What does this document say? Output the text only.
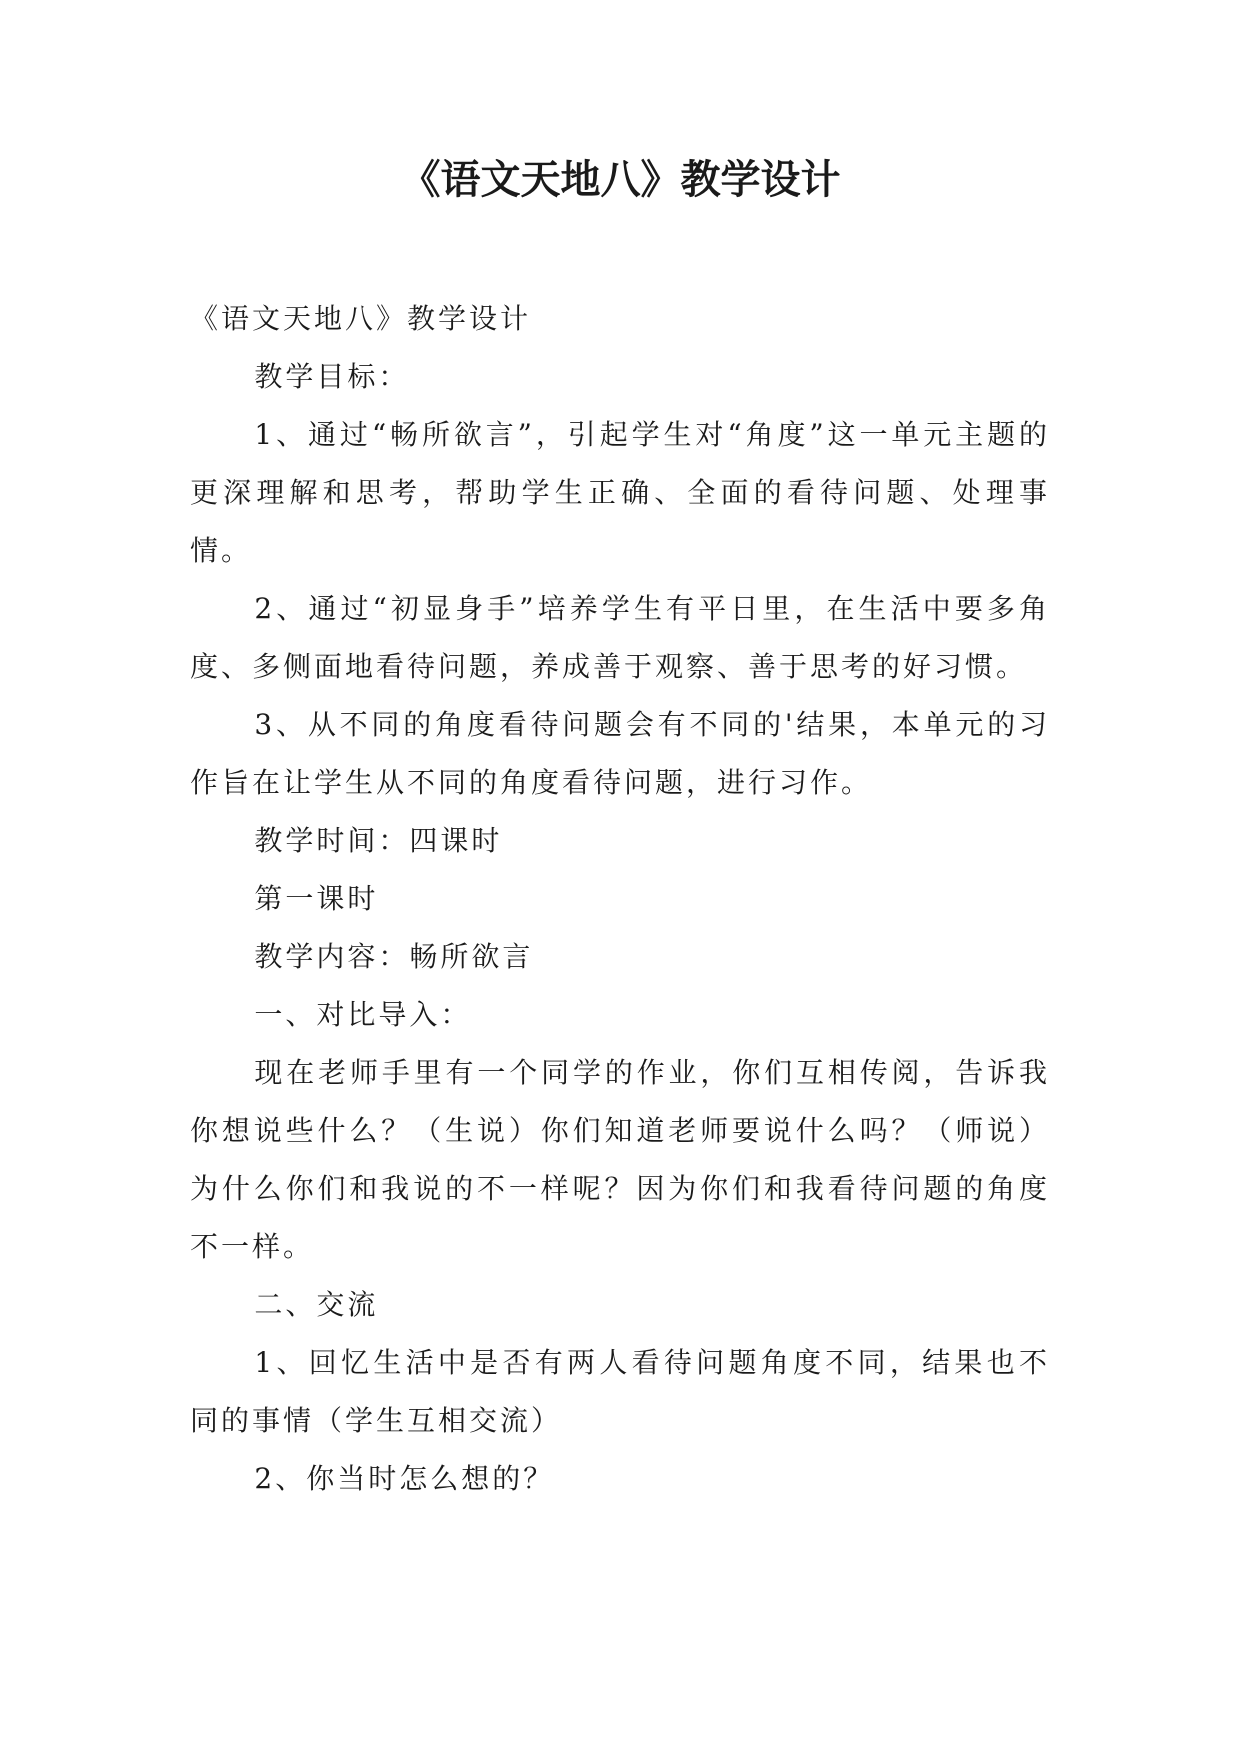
《语文天地八》教学设计

《语文天地八》教学设计

教学目标：

1、通过“畅所欲言”，引起学生对“角度”这一单元主题的更深理解和思考，帮助学生正确、全面的看待问题、处理事情。

2、通过“初显身手”培养学生有平日里，在生活中要多角度、多侧面地看待问题，养成善于观察、善于思考的好习惯。

3、从不同的角度看待问题会有不同的'结果，本单元的习作旨在让学生从不同的角度看待问题，进行习作。

教学时间：四课时

第一课时

教学内容：畅所欲言

一、对比导入：

现在老师手里有一个同学的作业，你们互相传阅，告诉我你想说些什么？（生说）你们知道老师要说什么吗？（师说）为什么你们和我说的不一样呢？因为你们和我看待问题的角度不一样。

二、交流

1、回忆生活中是否有两人看待问题角度不同，结果也不同的事情（学生互相交流）

2、你当时怎么想的？
